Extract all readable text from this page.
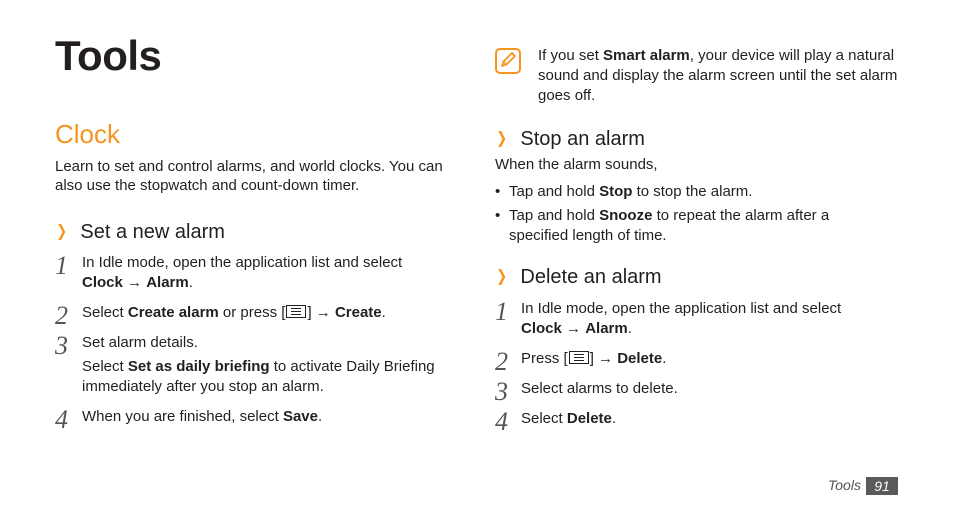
Tools
Clock
Learn to set and control alarms, and world clocks. You can also use the stopwatch and count-down timer.
❯ Set a new alarm
1 In Idle mode, open the application list and select Clock → Alarm.
2 Select Create alarm or press [ ] → Create.
3 Set alarm details.
Select Set as daily briefing to activate Daily Briefing immediately after you stop an alarm.
4 When you are finished, select Save.
If you set Smart alarm, your device will play a natural sound and display the alarm screen until the set alarm goes off.
❯ Stop an alarm
When the alarm sounds,
• Tap and hold Stop to stop the alarm.
• Tap and hold Snooze to repeat the alarm after a specified length of time.
❯ Delete an alarm
1 In Idle mode, open the application list and select Clock → Alarm.
2 Press [ ] → Delete.
3 Select alarms to delete.
4 Select Delete.
Tools 91
